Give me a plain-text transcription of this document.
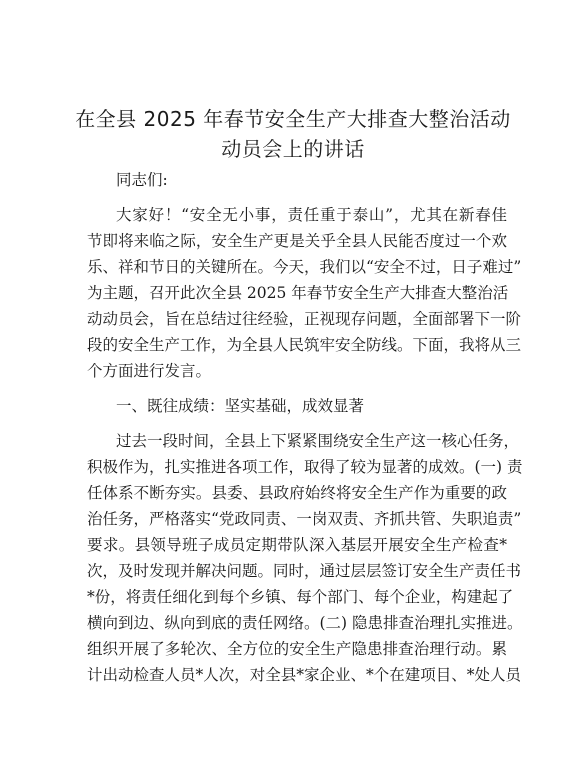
在全县 2025 年春节安全生产大排查大整治活动
动员会上的讲话
同志们:
大家好！“安全无小事，责任重于泰山”，尤其在新春佳
节即将来临之际，安全生产更是关乎全县人民能否度过一个欢
乐、祥和节日的关键所在。今天，我们以“安全不过，日子难过”
为主题，召开此次全县 2025 年春节安全生产大排查大整治活
动动员会，旨在总结过往经验，正视现存问题，全面部署下一阶
段的安全生产工作，为全县人民筑牢安全防线。下面，我将从三
个方面进行发言。
一、既往成绩：坚实基础，成效显著
过去一段时间，全县上下紧紧围绕安全生产这一核心任务，
积极作为，扎实推进各项工作，取得了较为显著的成效。(一) 责
任体系不断夯实。县委、县政府始终将安全生产作为重要的政
治任务，严格落实“党政同责、一岗双责、齐抓共管、失职追责”
要求。县领导班子成员定期带队深入基层开展安全生产检查*
次，及时发现并解决问题。同时，通过层层签订安全生产责任书
*份，将责任细化到每个乡镇、每个部门、每个企业，构建起了
横向到边、纵向到底的责任网络。(二) 隐患排查治理扎实推进。
组织开展了多轮次、全方位的安全生产隐患排查治理行动。累
计出动检查人员*人次，对全县*家企业、*个在建项目、*处人员
